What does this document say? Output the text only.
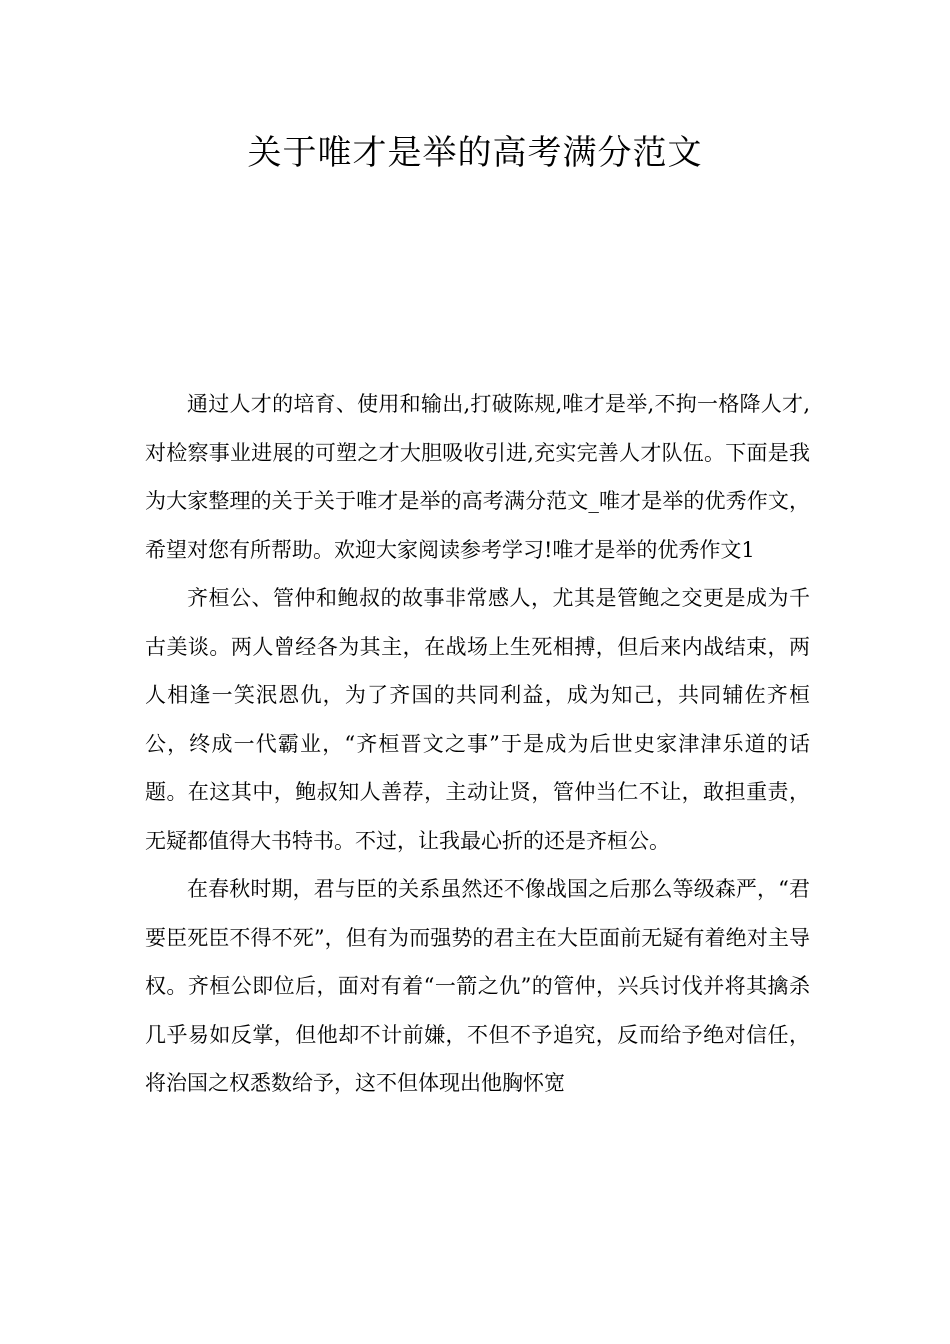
关于唯才是举的高考满分范文

通过人才的培育、使用和输出,打破陈规,唯才是举,不拘一格降人才,对检察事业进展的可塑之才大胆吸收引进,充实完善人才队伍。下面是我为大家整理的关于关于唯才是举的高考满分范文_唯才是举的优秀作文，希望对您有所帮助。欢迎大家阅读参考学习!唯才是举的优秀作文1

齐桓公、管仲和鲍叔的故事非常感人，尤其是管鲍之交更是成为千古美谈。两人曾经各为其主，在战场上生死相搏，但后来内战结束，两人相逢一笑泯恩仇，为了齐国的共同利益，成为知己，共同辅佐齐桓公，终成一代霸业，“齐桓晋文之事”于是成为后世史家津津乐道的话题。在这其中，鲍叔知人善荐，主动让贤，管仲当仁不让，敢担重责，无疑都值得大书特书。不过，让我最心折的还是齐桓公。

在春秋时期，君与臣的关系虽然还不像战国之后那么等级森严，“君要臣死臣不得不死”，但有为而强势的君主在大臣面前无疑有着绝对主导权。齐桓公即位后，面对有着“一箭之仇”的管仲，兴兵讨伐并将其擒杀几乎易如反掌，但他却不计前嫌，不但不予追究，反而给予绝对信任，将治国之权悉数给予，这不但体现出他胸怀宽
